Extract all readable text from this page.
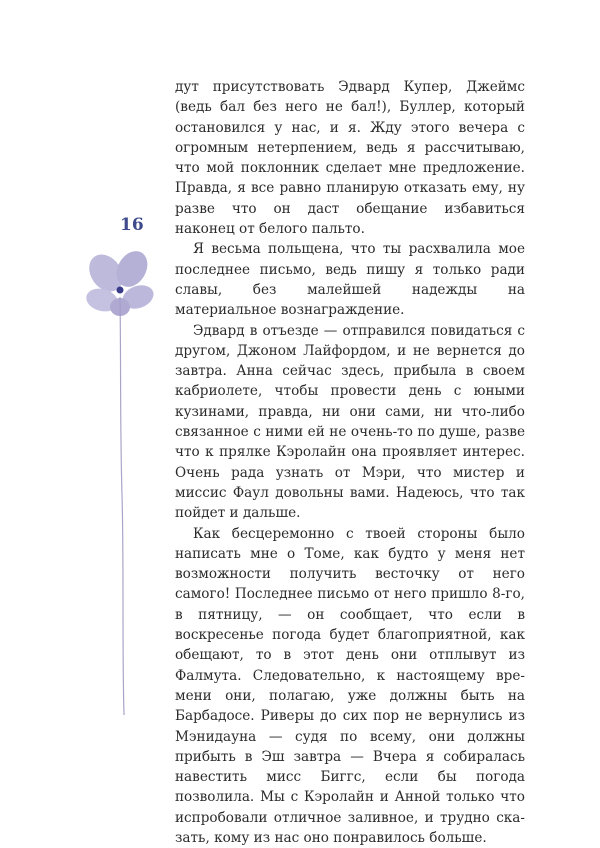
16

дут присутствовать Эдвард Купер, Джеймс (ведь бал без него не бал!), Буллер, который остановился у нас, и я. Жду этого вечера с огромным нетерпением, ведь я рассчитываю, что мой поклонник сделает мне предложение. Правда, я все равно планирую отказать ему, ну разве что он даст обещание избавиться наконец от белого пальто.

Я весьма польщена, что ты расхвалила мое последнее письмо, ведь пишу я только ради славы, без малейшей надежды на материальное вознаграждение.

Эдвард в отъезде — отправился повидаться с другом, Джоном Лайфордом, и не вернется до завтра. Анна сейчас здесь, прибыла в своем кабриолете, чтобы провести день с юными кузинами, правда, ни они сами, ни что-либо связанное с ними ей не очень-то по душе, разве что к прялке Кэролайн она проявляет интерес. Очень рада узнать от Мэри, что мистер и миссис Фаул довольны вами. Надеюсь, что так пойдет и дальше.

Как бесцеремонно с твоей стороны было написать мне о Томе, как будто у меня нет возможности получить весточку от него самого! Последнее письмо от него пришло 8-го, в пятницу, — он сообщает, что если в воскресенье погода будет благоприятной, как обещают, то в этот день они отплывут из Фалмута. Следовательно, к настоящему времени они, полагаю, уже должны быть на Барбадосе. Риверы до сих пор не вернулись из Мэнидауна — судя по всему, они должны прибыть в Эш завтра — Вчера я собиралась навестить мисс Биггс, если бы погода позволила. Мы с Кэролайн и Анной только что испробовали отличное заливное, и трудно сказать, кому из нас оно понравилось больше.
